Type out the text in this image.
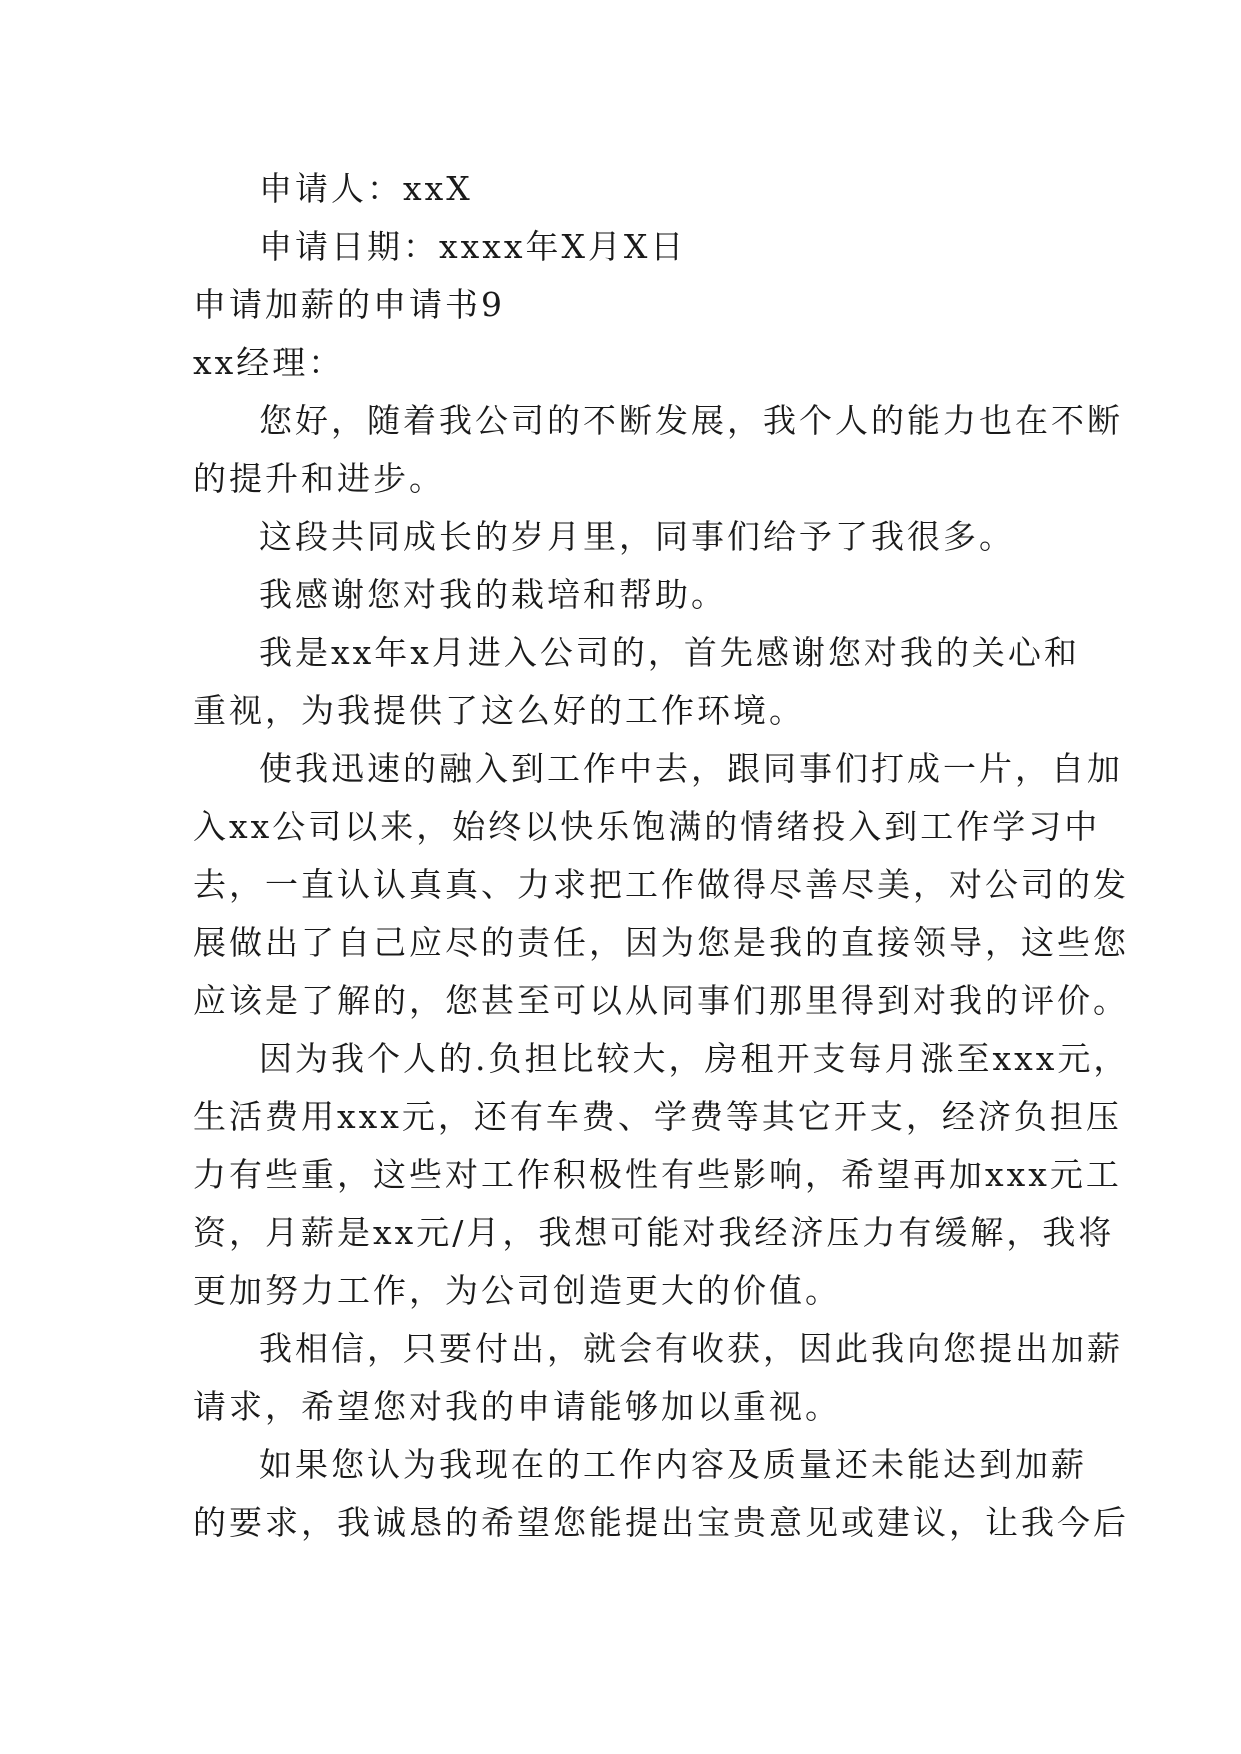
申请人：xxX
申请日期：xxxx年X月X日
申请加薪的申请书9
xx经理：
您好，随着我公司的不断发展，我个人的能力也在不断
的提升和进步。
这段共同成长的岁月里，同事们给予了我很多。
我感谢您对我的栽培和帮助。
我是xx年x月进入公司的，首先感谢您对我的关心和
重视，为我提供了这么好的工作环境。
使我迅速的融入到工作中去，跟同事们打成一片，自加
入xx公司以来，始终以快乐饱满的情绪投入到工作学习中
去，一直认认真真、力求把工作做得尽善尽美，对公司的发
展做出了自己应尽的责任，因为您是我的直接领导，这些您
应该是了解的，您甚至可以从同事们那里得到对我的评价。
因为我个人的.负担比较大，房租开支每月涨至xxx元，
生活费用xxx元，还有车费、学费等其它开支，经济负担压
力有些重，这些对工作积极性有些影响，希望再加xxx元工
资，月薪是xx元/月，我想可能对我经济压力有缓解，我将
更加努力工作，为公司创造更大的价值。
我相信，只要付出，就会有收获，因此我向您提出加薪
请求，希望您对我的申请能够加以重视。
如果您认为我现在的工作内容及质量还未能达到加薪
的要求，我诚恳的希望您能提出宝贵意见或建议，让我今后
